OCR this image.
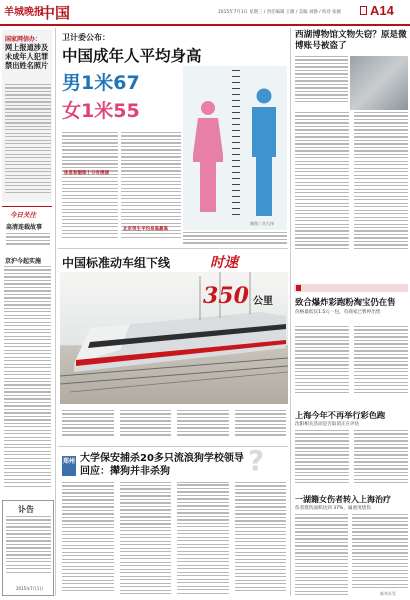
羊城晚报
中国	2015年7月1日 星期三 / 责任编辑 王敏 / 美编 刘静 / 校对 张媛 A14
国家网信办：
网上报道涉及未成年人犯罪禁出姓名照片
今日关注
高清连载故事
京沪今起实施
讣告
2015年7月1日
卫计委公布：
中国成年人平均身高
男1米67
女1米55
制图／宫大伟
休息和锻炼十分有规律
北京男生平均身高最高
中国标准动车组下线	时速
350 公里
郑州 大学保安捕杀20多只流浪狗学校领导回应：撵狗并非杀狗	?
西湖博物馆文物失窃？原是微博账号被盗了
致合爆炸彩跑粉淘宝仍在售
价格最低仅1.5元一包，有商家已暂停出售
上海今年不再举行彩色跑
沈阳相关活动是否取消正在评估
一湖籍女伤者转入上海治疗
伤者烧伤面积达到 37%，属重度烧伤
新华社发
